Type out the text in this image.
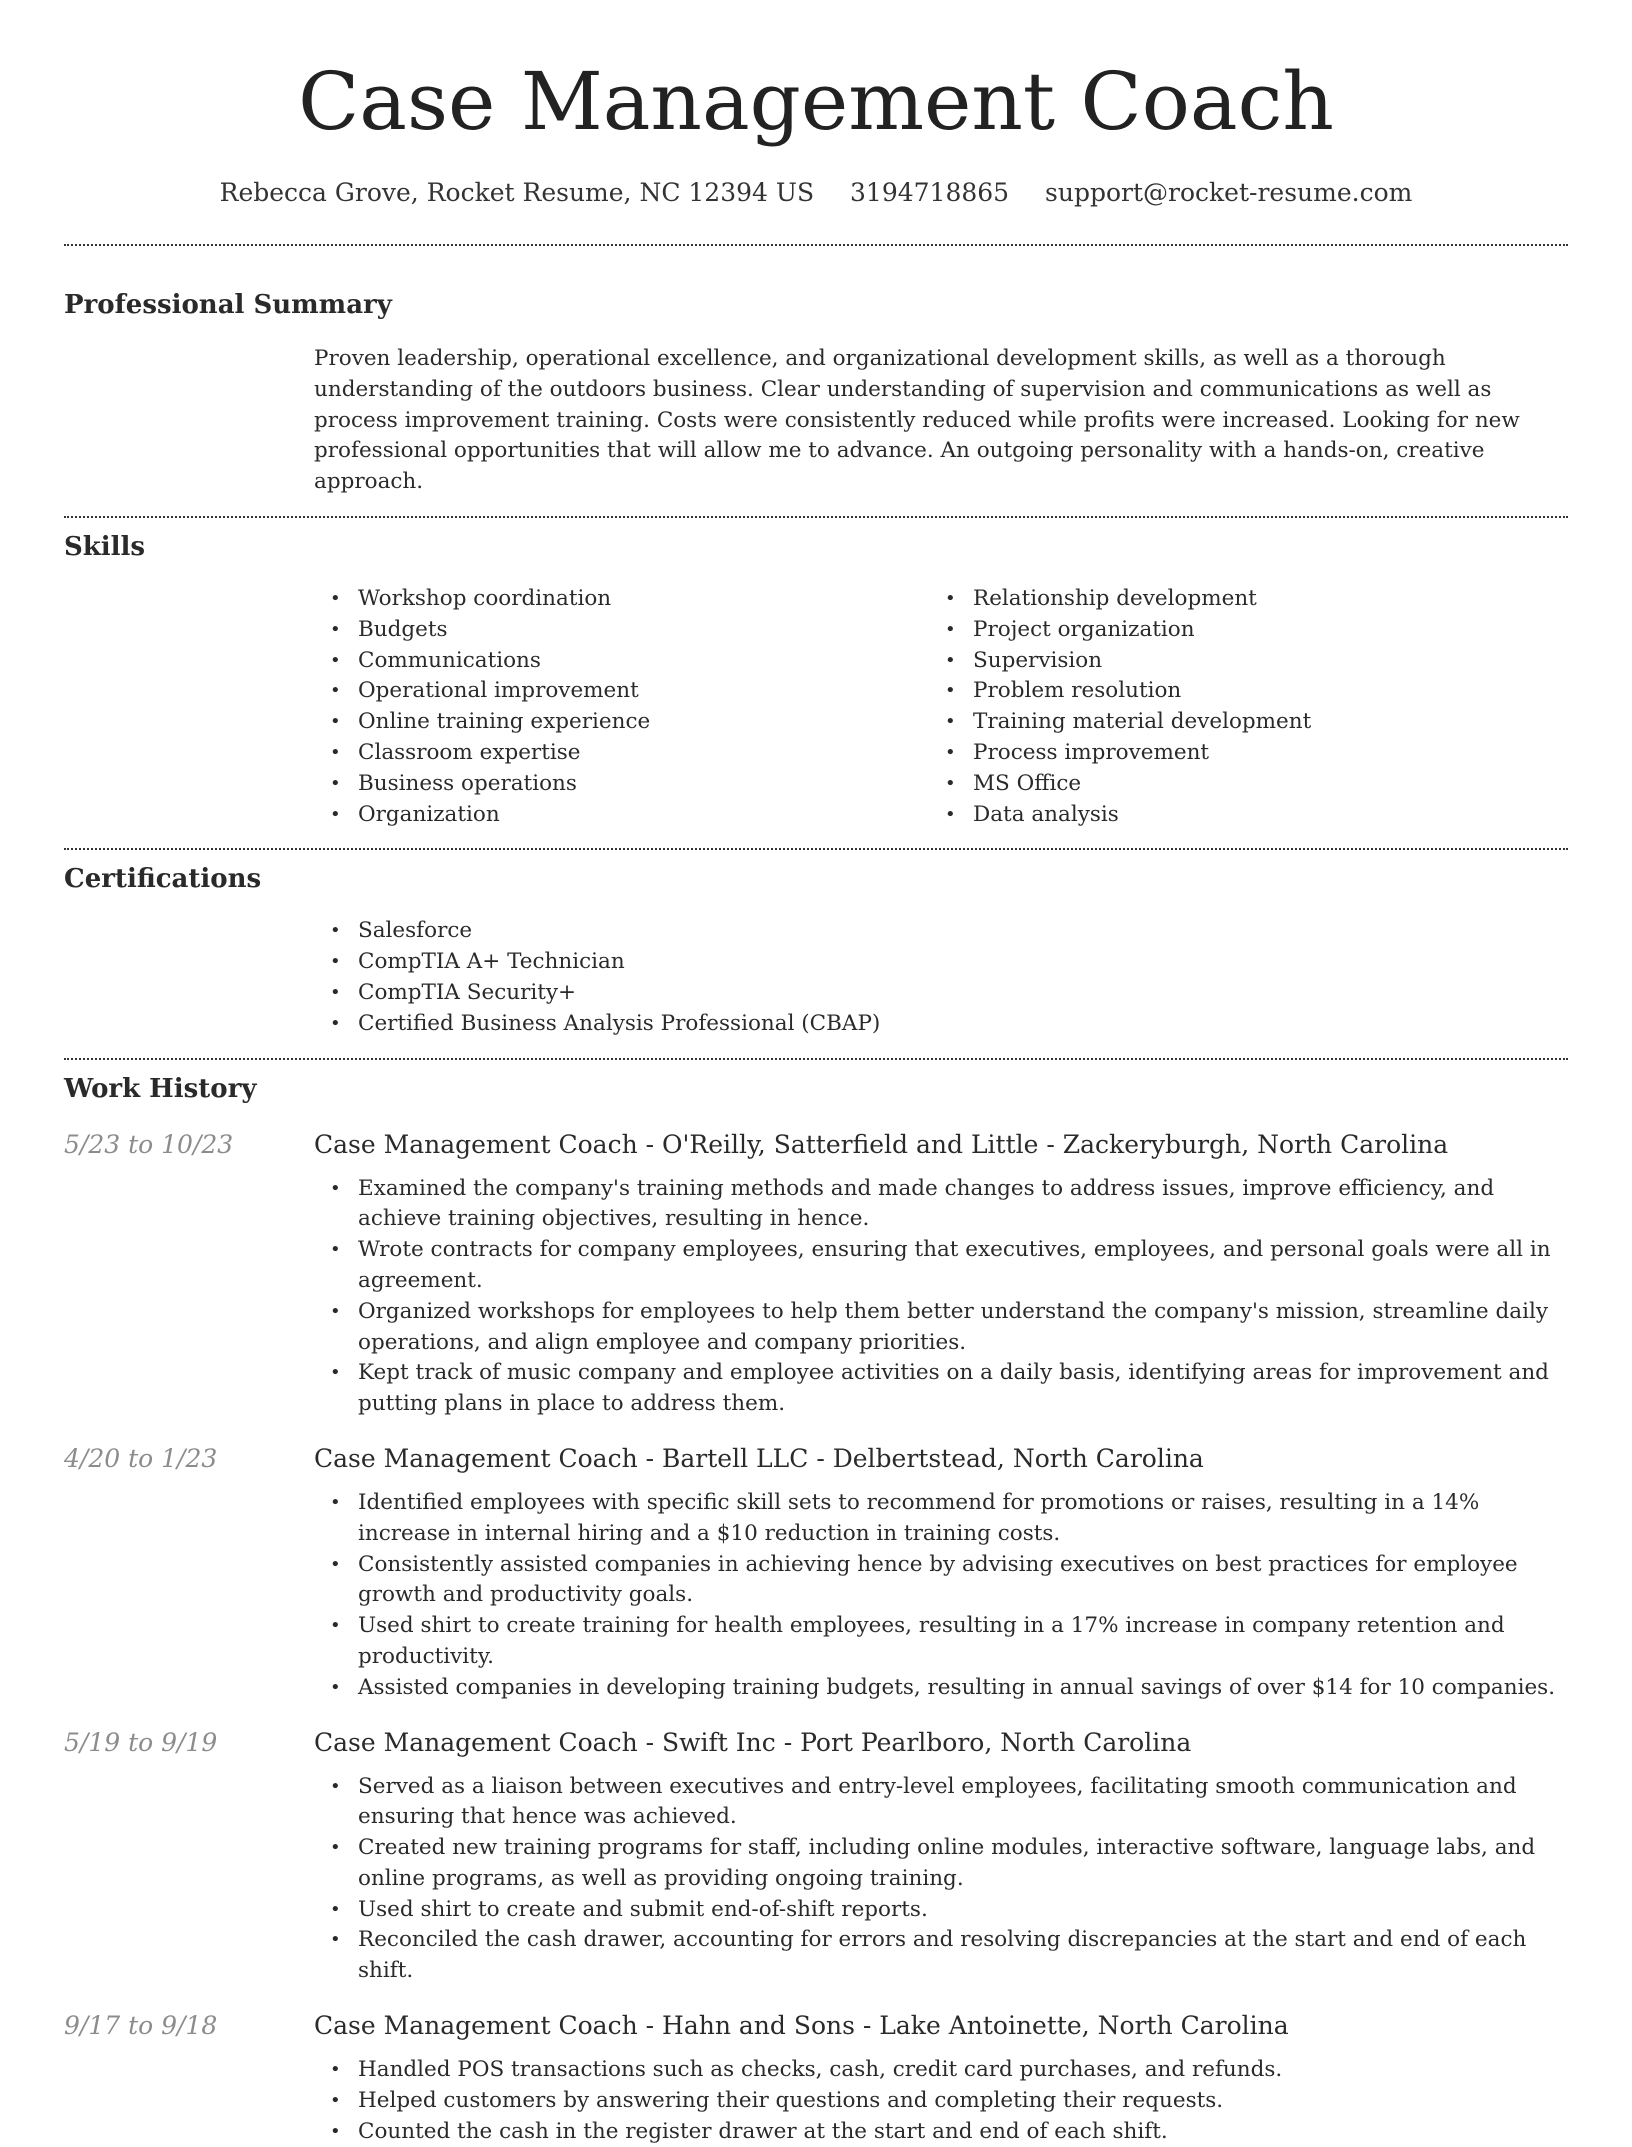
Case Management Coach
Rebecca Grove, Rocket Resume, NC 12394 US 3194718865 support@rocket-resume.com
Professional Summary

Proven leadership, operational excellence, and organizational development skills, as well as a thorough understanding of the outdoors business. Clear understanding of supervision and communications as well as process improvement training. Costs were consistently reduced while profits were increased. Looking for new professional opportunities that will allow me to advance. An outgoing personality with a hands-on, creative approach.

Skills
• Workshop coordination
• Budgets
• Communications
• Operational improvement
• Online training experience
• Classroom expertise
• Business operations
• Organization
• Relationship development
• Project organization
• Supervision
• Problem resolution
• Training material development
• Process improvement
• MS Office
• Data analysis
Certifications
• Salesforce
• CompTIA A+ Technician
• CompTIA Security+
• Certified Business Analysis Professional (CBAP)
Work History
5/23 to 10/23	Case Management Coach - O'Reilly, Satterfield and Little - Zackeryburgh, North Carolina
• Examined the company's training methods and made changes to address issues, improve efficiency, and achieve training objectives, resulting in hence.
• Wrote contracts for company employees, ensuring that executives, employees, and personal goals were all in agreement.
• Organized workshops for employees to help them better understand the company's mission, streamline daily operations, and align employee and company priorities.
• Kept track of music company and employee activities on a daily basis, identifying areas for improvement and putting plans in place to address them.
4/20 to 1/23	Case Management Coach - Bartell LLC - Delbertstead, North Carolina
• Identified employees with specific skill sets to recommend for promotions or raises, resulting in a 14% increase in internal hiring and a $10 reduction in training costs.
• Consistently assisted companies in achieving hence by advising executives on best practices for employee growth and productivity goals.
• Used shirt to create training for health employees, resulting in a 17% increase in company retention and productivity.
• Assisted companies in developing training budgets, resulting in annual savings of over $14 for 10 companies.
5/19 to 9/19	Case Management Coach - Swift Inc - Port Pearlboro, North Carolina
• Served as a liaison between executives and entry-level employees, facilitating smooth communication and ensuring that hence was achieved.
• Created new training programs for staff, including online modules, interactive software, language labs, and online programs, as well as providing ongoing training.
• Used shirt to create and submit end-of-shift reports.
• Reconciled the cash drawer, accounting for errors and resolving discrepancies at the start and end of each shift.
9/17 to 9/18	Case Management Coach - Hahn and Sons - Lake Antoinette, North Carolina
• Handled POS transactions such as checks, cash, credit card purchases, and refunds.
• Helped customers by answering their questions and completing their requests.
• Counted the cash in the register drawer at the start and end of each shift.
